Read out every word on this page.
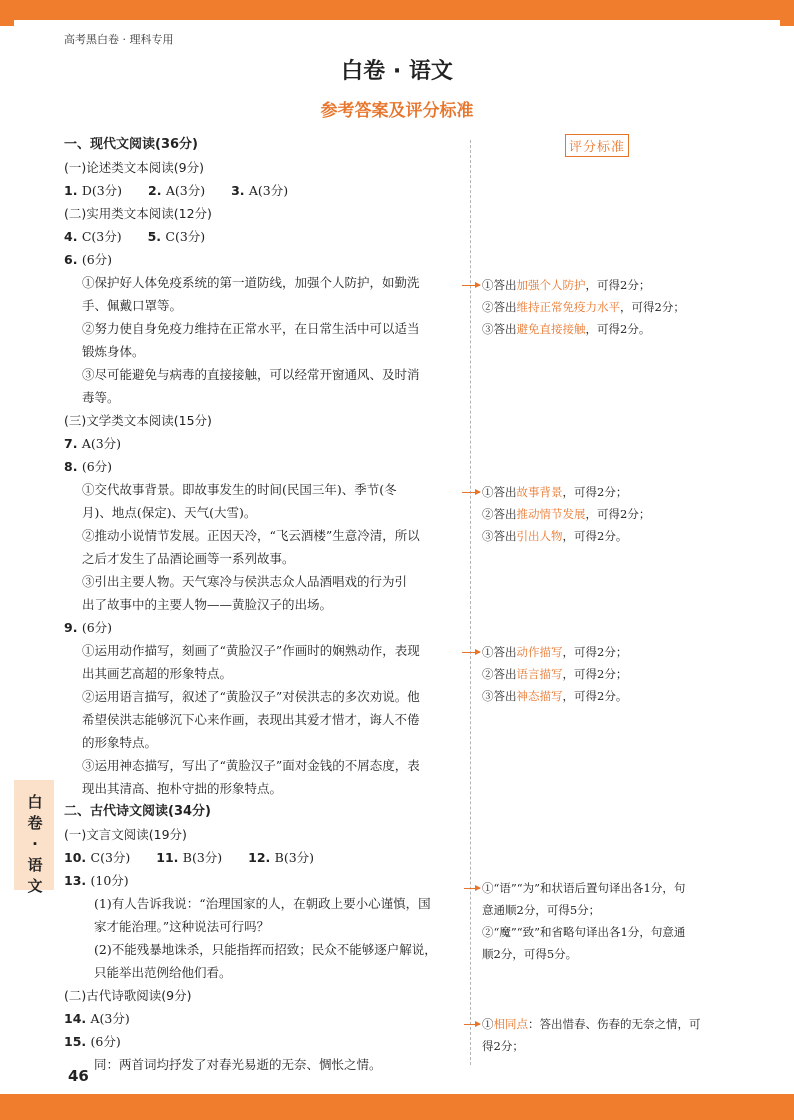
高考黑白卷 · 理科专用
白卷 · 语文
参考答案及评分标准
评分标准
一、现代文阅读(36分)
(一)论述类文本阅读(9分)
1. D(3分) 2. A(3分) 3. A(3分)
(二)实用类文本阅读(12分)
4. C(3分) 5. C(3分)
6. (6分)
①保护好人体免疫系统的第一道防线，加强个人防护，如勤洗
手、佩戴口罩等。
②努力使自身免疫力维持在正常水平，在日常生活中可以适当
锻炼身体。
③尽可能避免与病毒的直接接触，可以经常开窗通风、及时消
毒等。
(三)文学类文本阅读(15分)
7. A(3分)
8. (6分)
①交代故事背景。即故事发生的时间(民国三年)、季节(冬
月)、地点(保定)、天气(大雪)。
②推动小说情节发展。正因天冷，“飞云酒楼”生意冷清，所以
之后才发生了品酒论画等一系列故事。
③引出主要人物。天气寒冷与侯洪志众人品酒唱戏的行为引
出了故事中的主要人物——黄脸汉子的出场。
9. (6分)
①运用动作描写，刻画了“黄脸汉子”作画时的娴熟动作，表现
出其画艺高超的形象特点。
②运用语言描写，叙述了“黄脸汉子”对侯洪志的多次劝说。他
希望侯洪志能够沉下心来作画，表现出其爱才惜才，诲人不倦
的形象特点。
③运用神态描写，写出了“黄脸汉子”面对金钱的不屑态度，表
现出其清高、抱朴守拙的形象特点。
二、古代诗文阅读(34分)
(一)文言文阅读(19分)
10. C(3分) 11. B(3分) 12. B(3分)
13. (10分)
(1)有人告诉我说：“治理国家的人，在朝政上要小心谨慎，国
家才能治理。”这种说法可行吗？
(2)不能残暴地诛杀，只能指挥而招致；民众不能够逐户解说，
只能举出范例给他们看。
(二)古代诗歌阅读(9分)
14. A(3分)
15. (6分)
同：两首词均抒发了对春光易逝的无奈、惆怅之情。
①答出加强个人防护，可得2分；
②答出维持正常免疫力水平，可得2分；
③答出避免直接接触，可得2分。
①答出故事背景，可得2分；
②答出推动情节发展，可得2分；
③答出引出人物，可得2分。
①答出动作描写，可得2分；
②答出语言描写，可得2分；
③答出神态描写，可得2分。
①“语”“为”和状语后置句译出各1分，句
意通顺2分，可得5分；
②“魔”“致”和省略句译出各1分，句意通
顺2分，可得5分。
①相同点：答出惜春、伤春的无奈之情，可
得2分；
白
卷
·
语
文
46
